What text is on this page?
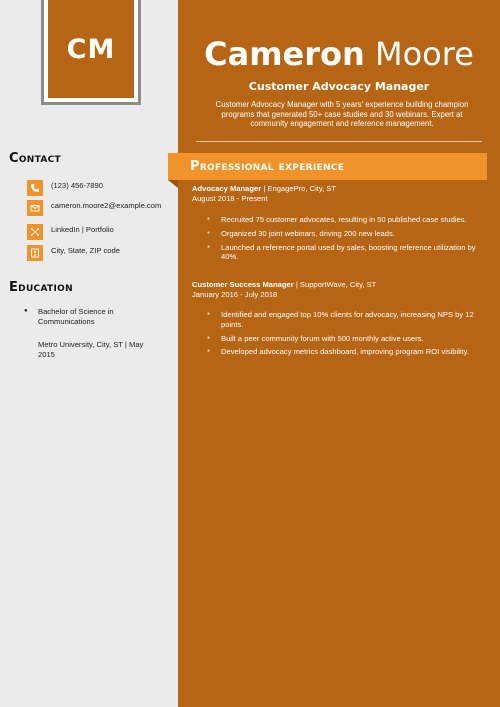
CM
Contact
(123) 456-7890
cameron.moore2@example.com
LinkedIn | Portfolio
City, State, ZIP code
Education
● Bachelor of Science in Communications
Metro University, City, ST | May 2015
Cameron Moore
Customer Advocacy Manager
Customer Advocacy Manager with 5 years' experience building champion programs that generated 50+ case studies and 30 webinars. Expert at community engagement and reference management.
Advocacy Manager | EngagePro, City, ST
August 2018 - Present
● Recruited 75 customer advocates, resulting in 50 published case studies.
● Organized 30 joint webinars, driving 200 new leads.
● Launched a reference portal used by sales, boosting reference utilization by 40%.
Customer Success Manager | SupportWave, City, ST
January 2016 - July 2018
● Identified and engaged top 10% clients for advocacy, increasing NPS by 12 points.
● Built a peer community forum with 500 monthly active users.
● Developed advocacy metrics dashboard, improving program ROI visibility.
Professional experience
